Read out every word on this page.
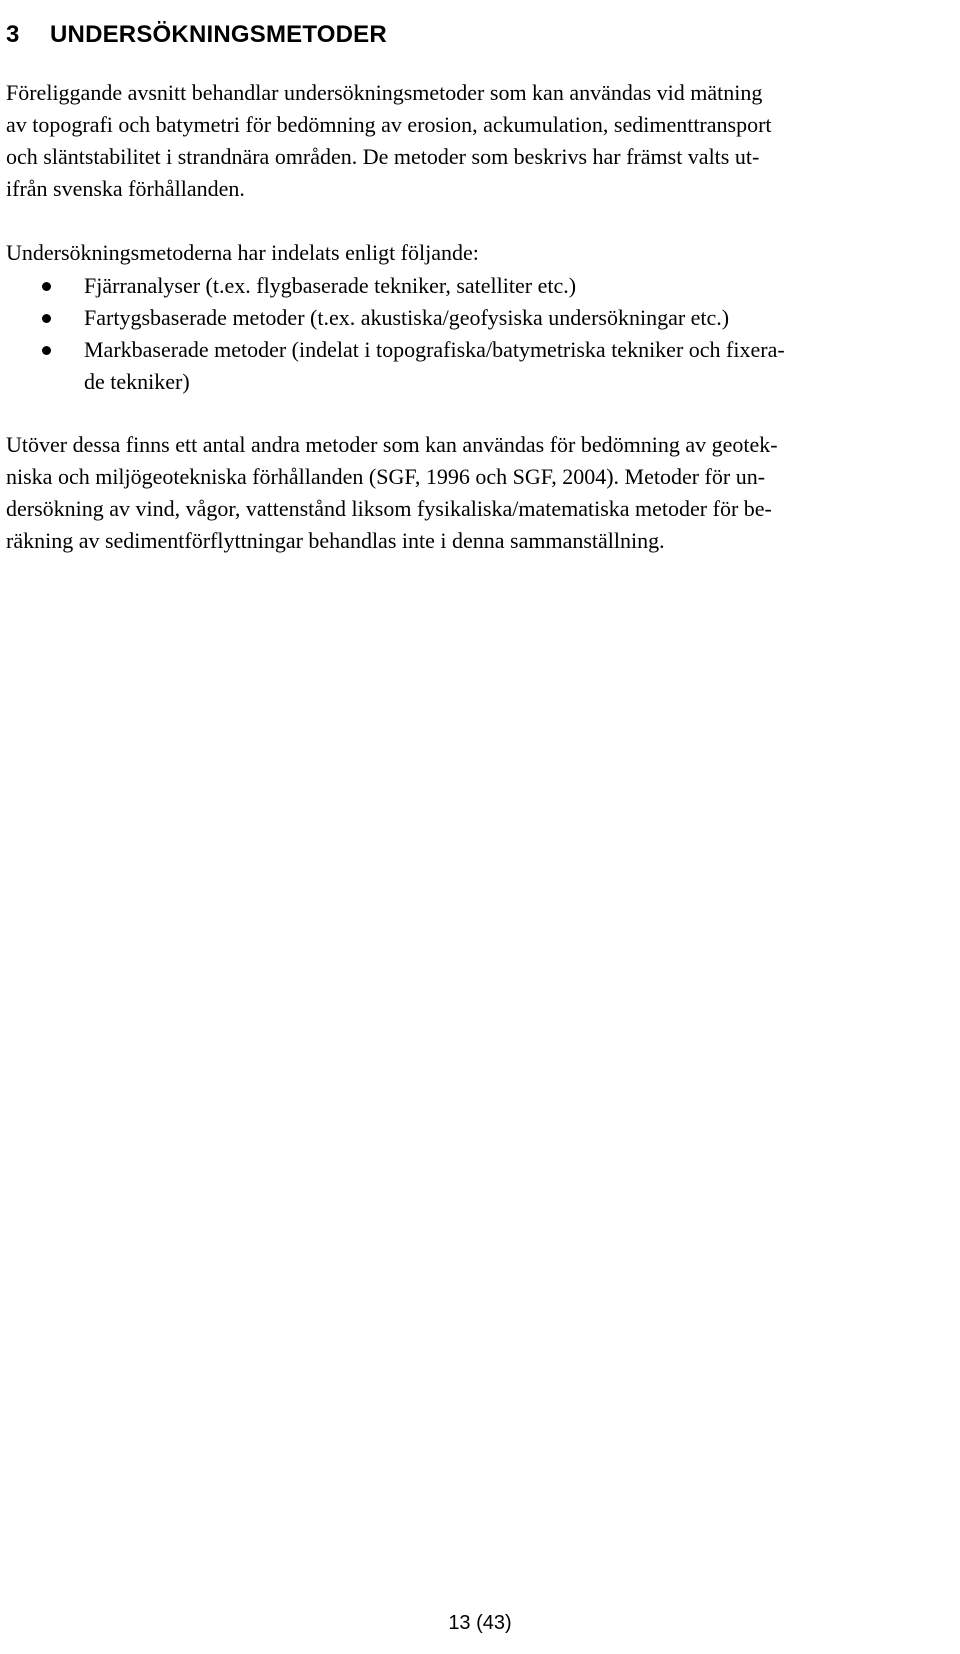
3 UNDERSÖKNINGSMETODER

Föreliggande avsnitt behandlar undersökningsmetoder som kan användas vid mätning
av topografi och batymetri för bedömning av erosion, ackumulation, sedimenttransport
och släntstabilitet i strandnära områden. De metoder som beskrivs har främst valts ut-
ifrån svenska förhållanden.

Undersökningsmetoderna har indelats enligt följande:

Fjärranalyser (t.ex. flygbaserade tekniker, satelliter etc.)
Fartygsbaserade metoder (t.ex. akustiska/geofysiska undersökningar etc.)
Markbaserade metoder (indelat i topografiska/batymetriska tekniker och fixera-
de tekniker)

Utöver dessa finns ett antal andra metoder som kan användas för bedömning av geotek-
niska och miljögeotekniska förhållanden (SGF, 1996 och SGF, 2004). Metoder för un-
dersökning av vind, vågor, vattenstånd liksom fysikaliska/matematiska metoder för be-
räkning av sedimentförflyttningar behandlas inte i denna sammanställning.

13 (43)
